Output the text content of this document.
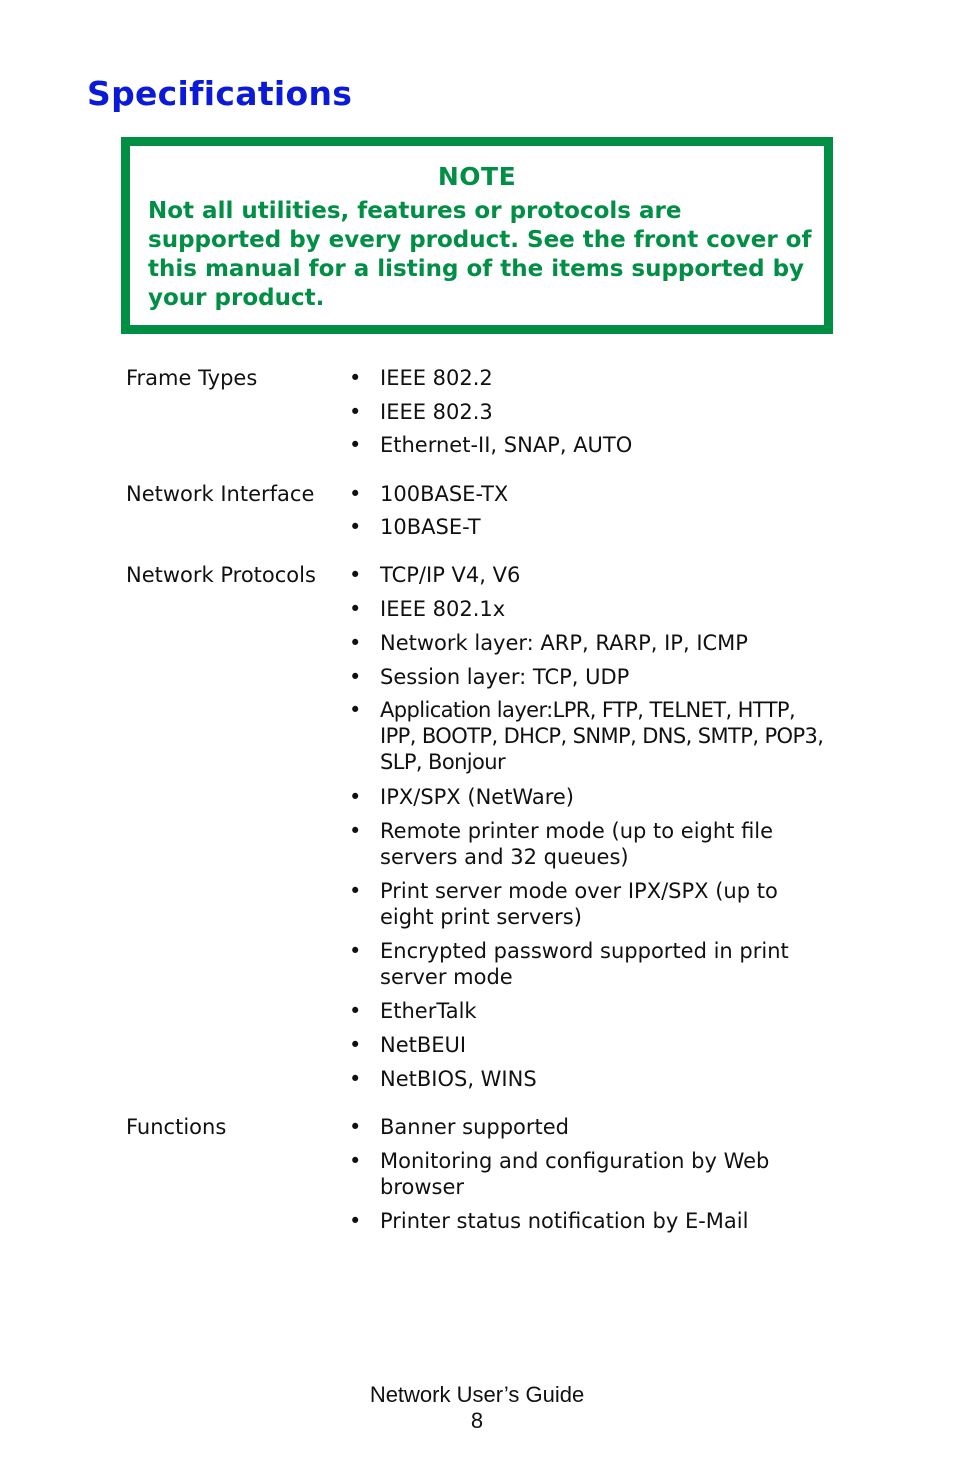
Specifications
NOTE
Not all utilities, features or protocols are supported by every product. See the front cover of this manual for a listing of the items supported by your product.
Frame Types	• IEEE 802.2
• IEEE 802.3
• Ethernet-II, SNAP, AUTO
Network Interface • 100BASE-TX
• 10BASE-T
Network Protocols • TCP/IP V4, V6
• IEEE 802.1x
• Network layer: ARP, RARP, IP, ICMP
• Session layer: TCP, UDP
• Application layer:LPR, FTP, TELNET, HTTP, IPP, BOOTP, DHCP, SNMP, DNS, SMTP, POP3, SLP, Bonjour
• IPX/SPX (NetWare)
• Remote printer mode (up to eight file servers and 32 queues)
• Print server mode over IPX/SPX (up to eight print servers)
• Encrypted password supported in print server mode
• EtherTalk
• NetBEUI
• NetBIOS, WINS
Functions	• Banner supported
• Monitoring and configuration by Web browser
• Printer status notification by E-Mail
Network User’s Guide
8
